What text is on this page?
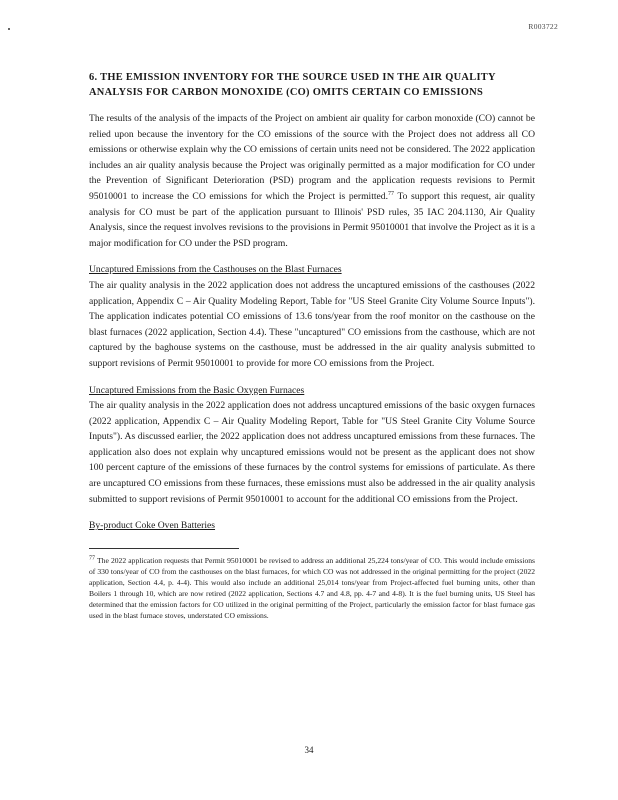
R003722
6. THE EMISSION INVENTORY FOR THE SOURCE USED IN THE AIR QUALITY ANALYSIS FOR CARBON MONOXIDE (CO) OMITS CERTAIN CO EMISSIONS

The results of the analysis of the impacts of the Project on ambient air quality for carbon monoxide (CO) cannot be relied upon because the inventory for the CO emissions of the source with the Project does not address all CO emissions or otherwise explain why the CO emissions of certain units need not be considered. The 2022 application includes an air quality analysis because the Project was originally permitted as a major modification for CO under the Prevention of Significant Deterioration (PSD) program and the application requests revisions to Permit 95010001 to increase the CO emissions for which the Project is permitted.$^{77}$ To support this request, air quality analysis for CO must be part of the application pursuant to Illinois' PSD rules, 35 IAC 204.1130, Air Quality Analysis, since the request involves revisions to the provisions in Permit 95010001 that involve the Project as it is a major modification for CO under the PSD program.

Uncaptured Emissions from the Casthouses on the Blast Furnaces

The air quality analysis in the 2022 application does not address the uncaptured emissions of the casthouses (2022 application, Appendix C – Air Quality Modeling Report, Table for "US Steel Granite City Volume Source Inputs"). The application indicates potential CO emissions of 13.6 tons/year from the roof monitor on the casthouse on the blast furnaces (2022 application, Section 4.4). These "uncaptured" CO emissions from the casthouse, which are not captured by the baghouse systems on the casthouse, must be addressed in the air quality analysis submitted to support revisions of Permit 95010001 to provide for more CO emissions from the Project.

Uncaptured Emissions from the Basic Oxygen Furnaces

The air quality analysis in the 2022 application does not address uncaptured emissions of the basic oxygen furnaces (2022 application, Appendix C – Air Quality Modeling Report, Table for "US Steel Granite City Volume Source Inputs"). As discussed earlier, the 2022 application does not address uncaptured emissions from these furnaces. The application also does not explain why uncaptured emissions would not be present as the applicant does not show 100 percent capture of the emissions of these furnaces by the control systems for emissions of particulate. As there are uncaptured CO emissions from these furnaces, these emissions must also be addressed in the air quality analysis submitted to support revisions of Permit 95010001 to account for the additional CO emissions from the Project.

By-product Coke Oven Batteries

$^{77}$ The 2022 application requests that Permit 95010001 be revised to address an additional 25,224 tons/year of CO. This would include emissions of 330 tons/year of CO from the casthouses on the blast furnaces, for which CO was not addressed in the original permitting for the project (2022 application, Section 4.4, p. 4-4). This would also include an additional 25,014 tons/year from Project-affected fuel burning units, other than Boilers 1 through 10, which are now retired (2022 application, Sections 4.7 and 4.8, pp. 4-7 and 4-8). It is the fuel burning units, US Steel has determined that the emission factors for CO utilized in the original permitting of the Project, particularly the emission factor for blast furnace gas used in the blast furnace stoves, understated CO emissions.

34
